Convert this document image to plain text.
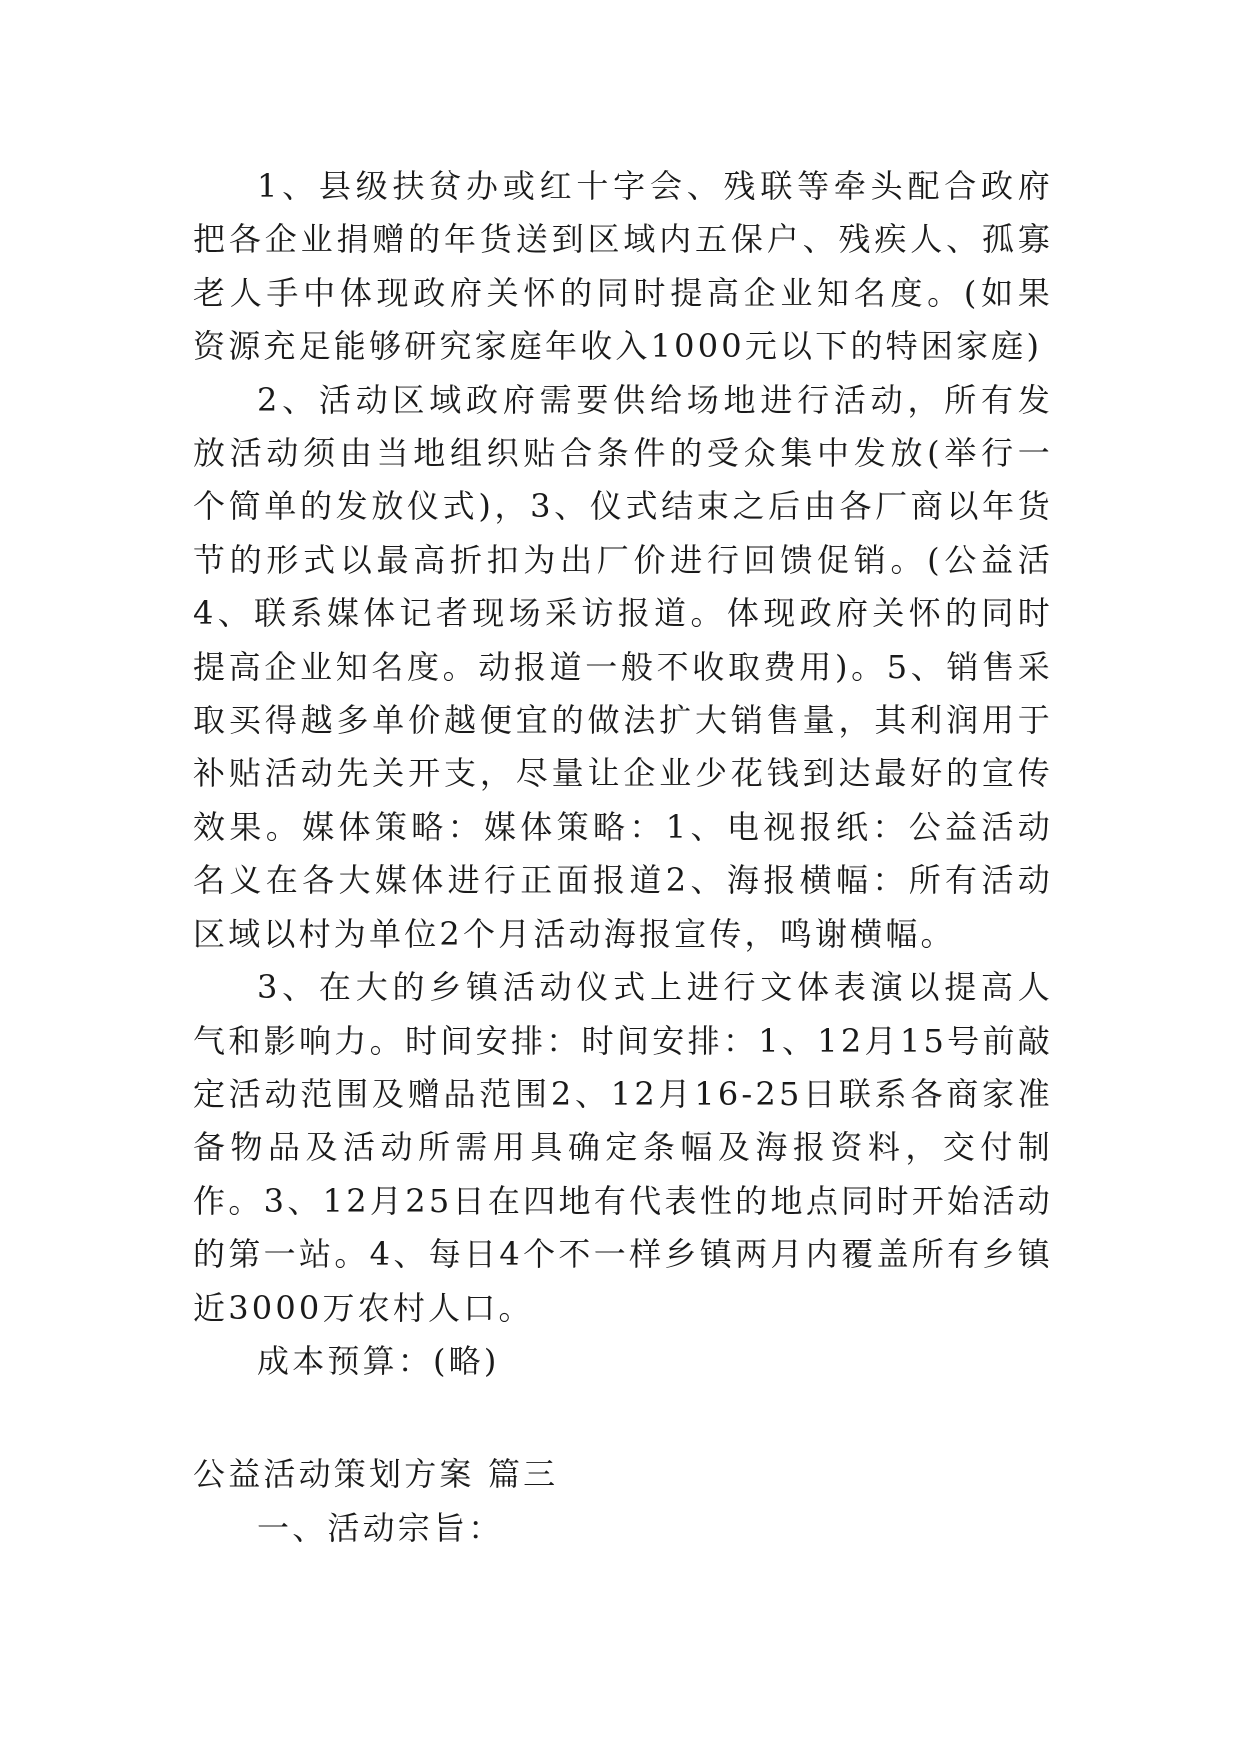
1、县级扶贫办或红十字会、残联等牵头配合政府把各企业捐赠的年货送到区域内五保户、残疾人、孤寡老人手中体现政府关怀的同时提高企业知名度。(如果资源充足能够研究家庭年收入1000元以下的特困家庭)

2、活动区域政府需要供给场地进行活动，所有发放活动须由当地组织贴合条件的受众集中发放(举行一个简单的发放仪式)，3、仪式结束之后由各厂商以年货节的形式以最高折扣为出厂价进行回馈促销。(公益活4、联系媒体记者现场采访报道。体现政府关怀的同时提高企业知名度。动报道一般不收取费用)。5、销售采取买得越多单价越便宜的做法扩大销售量，其利润用于补贴活动先关开支，尽量让企业少花钱到达最好的宣传效果。媒体策略：媒体策略：1、电视报纸：公益活动名义在各大媒体进行正面报道2、海报横幅：所有活动区域以村为单位2个月活动海报宣传，鸣谢横幅。

3、在大的乡镇活动仪式上进行文体表演以提高人气和影响力。时间安排：时间安排：1、12月15号前敲定活动范围及赠品范围2、12月16-25日联系各商家准备物品及活动所需用具确定条幅及海报资料，交付制作。3、12月25日在四地有代表性的地点同时开始活动的第一站。4、每日4个不一样乡镇两月内覆盖所有乡镇近3000万农村人口。

成本预算：(略)

公益活动策划方案 篇三

一、活动宗旨：
